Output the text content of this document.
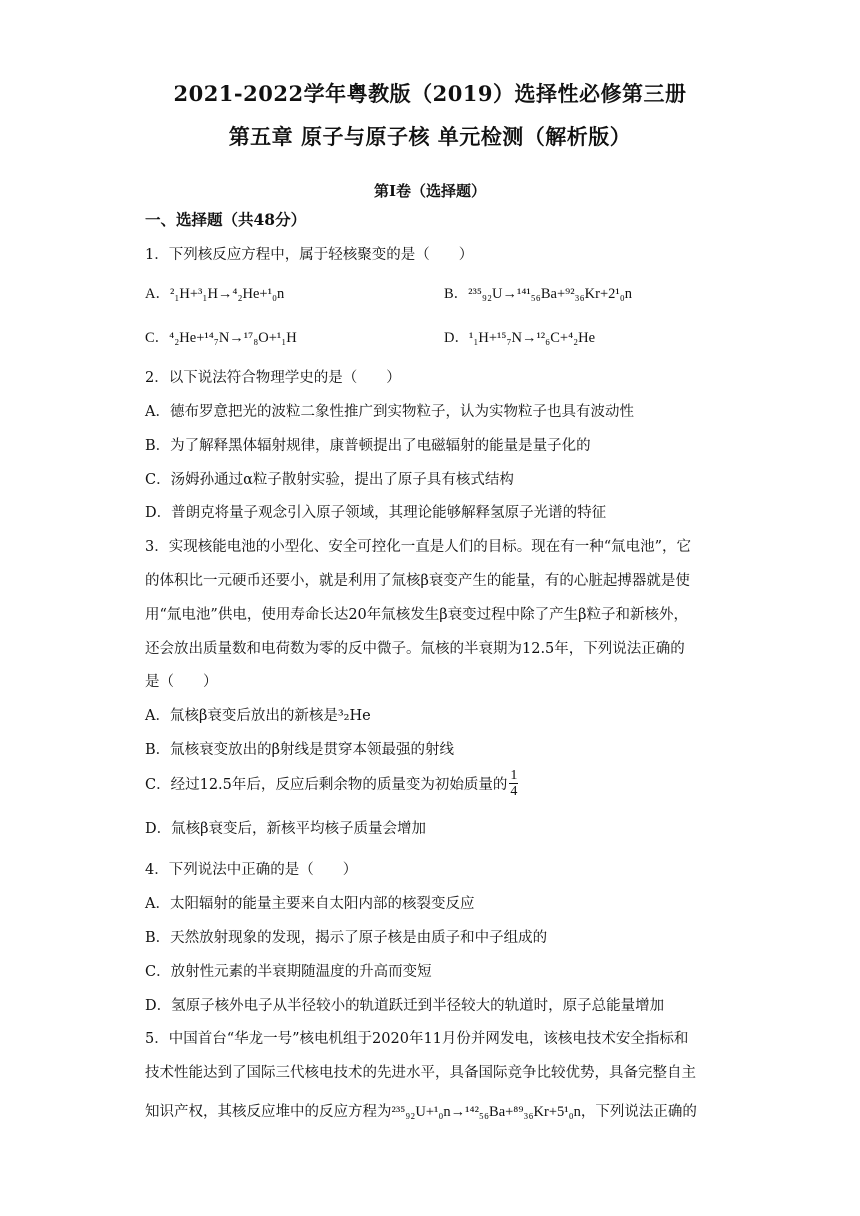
2021-2022学年粤教版（2019）选择性必修第三册
第五章 原子与原子核 单元检测（解析版）
第Ⅰ卷（选择题）
一、选择题（共48分）
1．下列核反应方程中，属于轻核聚变的是（　　）
A．²₁H+³₁H→⁴₂He+¹₀n	B．²³⁵₉₂U→¹⁴¹₅₆Ba+⁹²₃₆Kr+2¹₀n
C．⁴₂He+¹⁴₇N→¹⁷₈O+¹₁H	D．¹₁H+¹⁵₇N→¹²₆C+⁴₂He
2．以下说法符合物理学史的是（　　）
A．德布罗意把光的波粒二象性推广到实物粒子，认为实物粒子也具有波动性
B．为了解释黑体辐射规律，康普顿提出了电磁辐射的能量是量子化的
C．汤姆孙通过α粒子散射实验，提出了原子具有核式结构
D．普朗克将量子观念引入原子领域，其理论能够解释氢原子光谱的特征
3．实现核能电池的小型化、安全可控化一直是人们的目标。现在有一种“氚电池”，它
的体积比一元硬币还要小，就是利用了氚核β衰变产生的能量，有的心脏起搏器就是使
用“氚电池”供电，使用寿命长达20年氚核发生β衰变过程中除了产生β粒子和新核外，
还会放出质量数和电荷数为零的反中微子。氚核的半衰期为12.5年，下列说法正确的
是（　　）
A．氚核β衰变后放出的新核是³₂He
B．氚核衰变放出的β射线是贯穿本领最强的射线
C．经过12.5年后，反应后剩余物的质量变为初始质量的 $\frac{1}{4}$
D．氚核β衰变后，新核平均核子质量会增加
4．下列说法中正确的是（　　）
A．太阳辐射的能量主要来自太阳内部的核裂变反应
B．天然放射现象的发现，揭示了原子核是由质子和中子组成的
C．放射性元素的半衰期随温度的升高而变短
D．氢原子核外电子从半径较小的轨道跃迁到半径较大的轨道时，原子总能量增加
5．中国首台“华龙一号”核电机组于2020年11月份并网发电，该核电技术安全指标和
技术性能达到了国际三代核电技术的先进水平，具备国际竞争比较优势，具备完整自主
知识产权，其核反应堆中的反应方程为²³⁵₉₂U+¹₀n→¹⁴²₅₆Ba+⁸⁹₃₆Kr+5¹₀n，下列说法正确的
